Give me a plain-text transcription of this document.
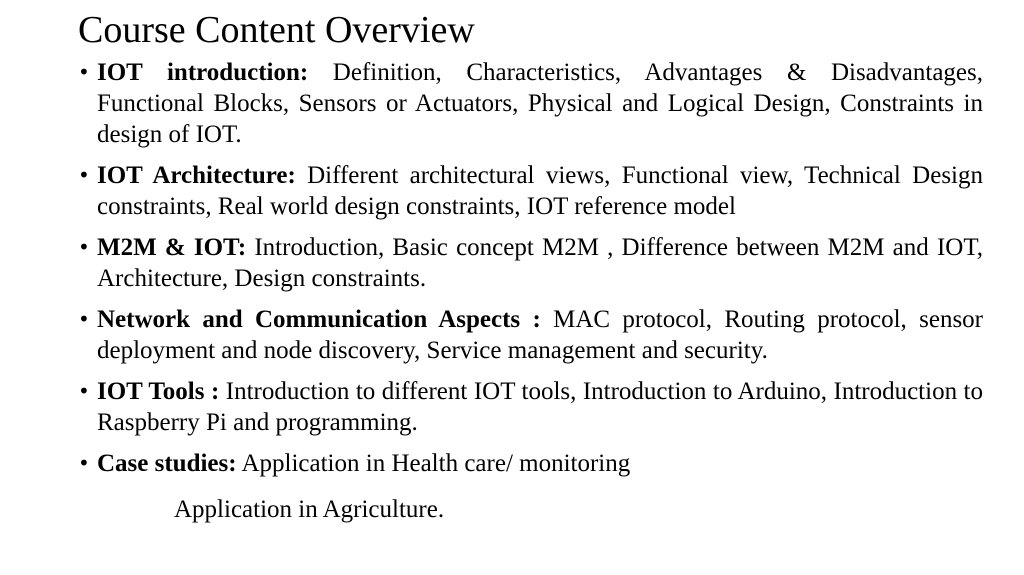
Course Content Overview
• IOT introduction: Definition, Characteristics, Advantages & Disadvantages, Functional Blocks, Sensors or Actuators, Physical and Logical Design, Constraints in design of IOT.
• IOT Architecture: Different architectural views, Functional view, Technical Design constraints, Real world design constraints, IOT reference model
• M2M & IOT: Introduction, Basic concept M2M , Difference between M2M and IOT, Architecture, Design constraints.
• Network and Communication Aspects : MAC protocol, Routing protocol, sensor deployment and node discovery, Service management and security.
• IOT Tools : Introduction to different IOT tools, Introduction to Arduino, Introduction to Raspberry Pi and programming.
• Case studies: Application in Health care/ monitoring
Application in Agriculture.
